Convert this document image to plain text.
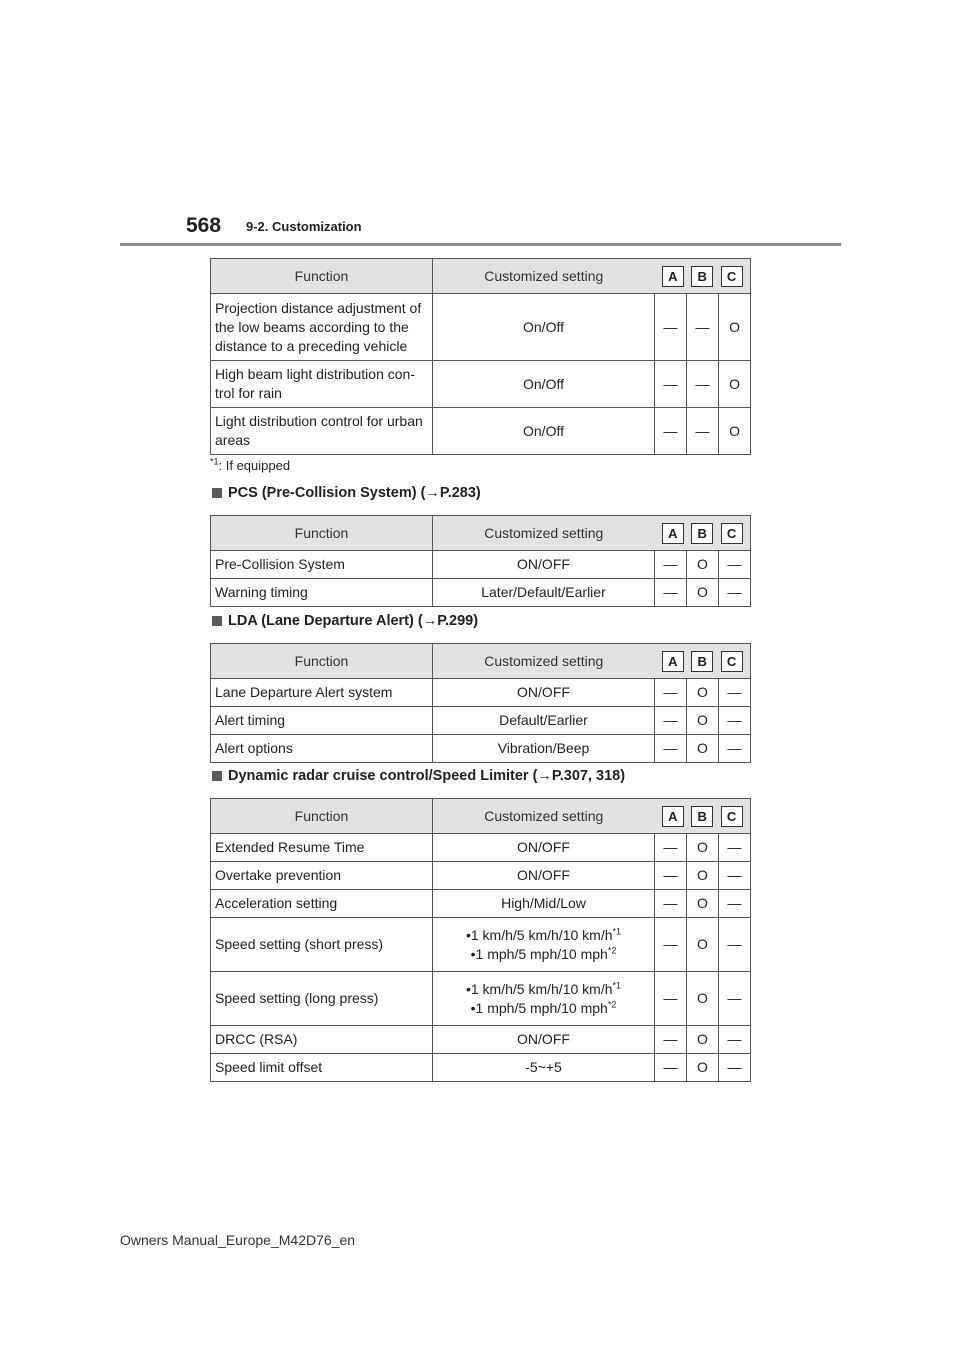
568 9-2. Customization
Function	Customized setting	A B C		

Projection distance adjustment of the low beams according to the distance to a preceding vehicle	On/Off	—	—	O
High beam light distribution con-trol for rain	On/Off	—	—	O
Light distribution control for urban areas	On/Off	—	—	O
$^{*1}$: If equipped
PCS (Pre-Collision System) (→P.283)
Function	Customized setting	A B C		

Pre-Collision System	ON/OFF	—	O	—
Warning timing	Later/Default/Earlier	—	O	—
LDA (Lane Departure Alert) (→P.299)
Function	Customized setting	A B C		

Lane Departure Alert system	ON/OFF	—	O	—
Alert timing	Default/Earlier	—	O	—
Alert options	Vibration/Beep	—	O	—
Dynamic radar cruise control/Speed Limiter (→P.307, 318)
Function	Customized setting	A B C		

Extended Resume Time	ON/OFF	—	O	—
Overtake prevention	ON/OFF	—	O	—
Acceleration setting	High/Mid/Low	—	O	—
Speed setting (short press)	•1 km/h/5 km/h/10 $km/h^{*1}$
•1 mph/5 mph/10 mph$^{*2}$	—	O	—
Speed setting (long press)	•1 km/h/5 km/h/10 $km/h^{*1}$
•1 mph/5 mph/10 mph$^{*2}$	—	O	—
DRCC (RSA)	ON/OFF	—	O	—
Speed limit offset	-5~+5	—	O	—
Owners Manual_Europe_M42D76_en
